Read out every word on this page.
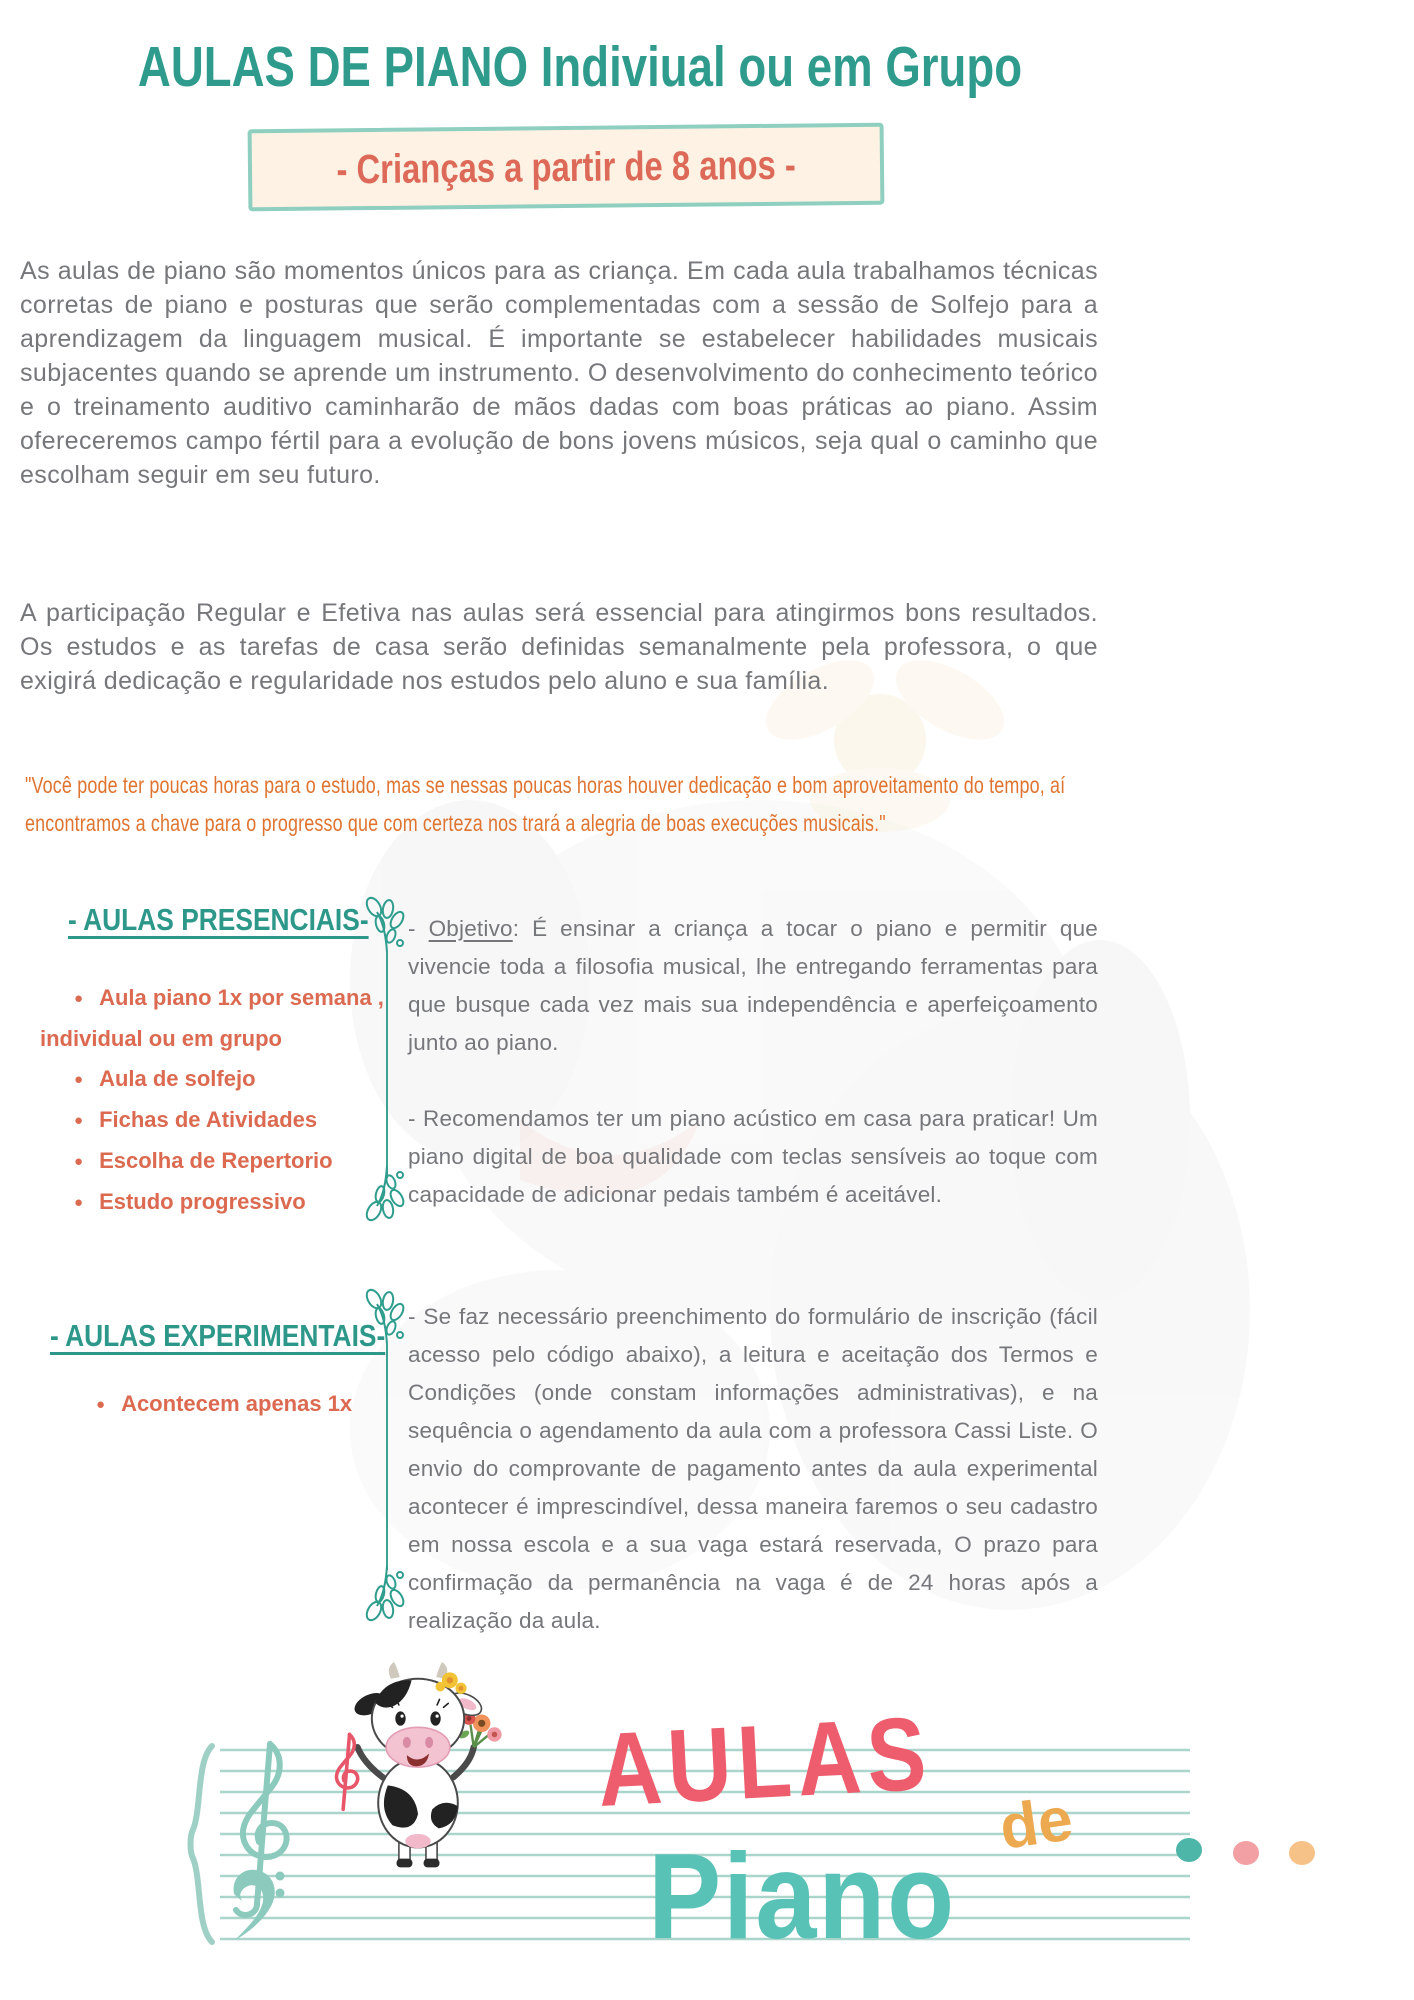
AULAS DE PIANO Indiviual ou em Grupo
- Crianças a partir de 8 anos -
As aulas de piano são momentos únicos para as criança. Em cada aula trabalhamos técnicas corretas de piano e posturas que serão complementadas com a sessão de Solfejo para a aprendizagem da linguagem musical. É importante se estabelecer habilidades musicais subjacentes quando se aprende um instrumento. O desenvolvimento do conhecimento teórico e o treinamento auditivo caminharão de mãos dadas com boas práticas ao piano. Assim ofereceremos campo fértil para a evolução de bons jovens músicos, seja qual o caminho que escolham seguir em seu futuro.
A participação Regular e Efetiva nas aulas será essencial para atingirmos bons resultados. Os estudos e as tarefas de casa serão definidas semanalmente pela professora, o que exigirá dedicação e regularidade nos estudos pelo aluno e sua família.
"Você pode ter poucas horas para o estudo, mas se nessas poucas horas houver dedicação e bom aproveitamento do tempo, aí encontramos a chave para o progresso que com certeza nos trará a alegria de boas execuções musicais."
- AULAS PRESENCIAIS-
● Aula piano 1x por semana , individual ou em grupo
● Aula de solfejo
● Fichas de Atividades
● Escolha de Repertorio
● Estudo progressivo
- Objetivo: É ensinar a criança a tocar o piano e permitir que vivencie toda a filosofia musical, lhe entregando ferramentas para que busque cada vez mais sua independência e aperfeiçoamento junto ao piano.
- Recomendamos ter um piano acústico em casa para praticar! Um piano digital de boa qualidade com teclas sensíveis ao toque com capacidade de adicionar pedais também é aceitável.
- AULAS EXPERIMENTAIS-
● Acontecem apenas 1x
- Se faz necessário preenchimento do formulário de inscrição (fácil acesso pelo código abaixo), a leitura e aceitação dos Termos e Condições (onde constam informações administrativas), e na sequência o agendamento da aula com a professora Cassi Liste. O envio do comprovante de pagamento antes da aula experimental acontecer é imprescindível, dessa maneira faremos o seu cadastro em nossa escola e a sua vaga estará reservada, O prazo para confirmação da permanência na vaga é de 24 horas após a realização da aula.
AULAS de
Piano
